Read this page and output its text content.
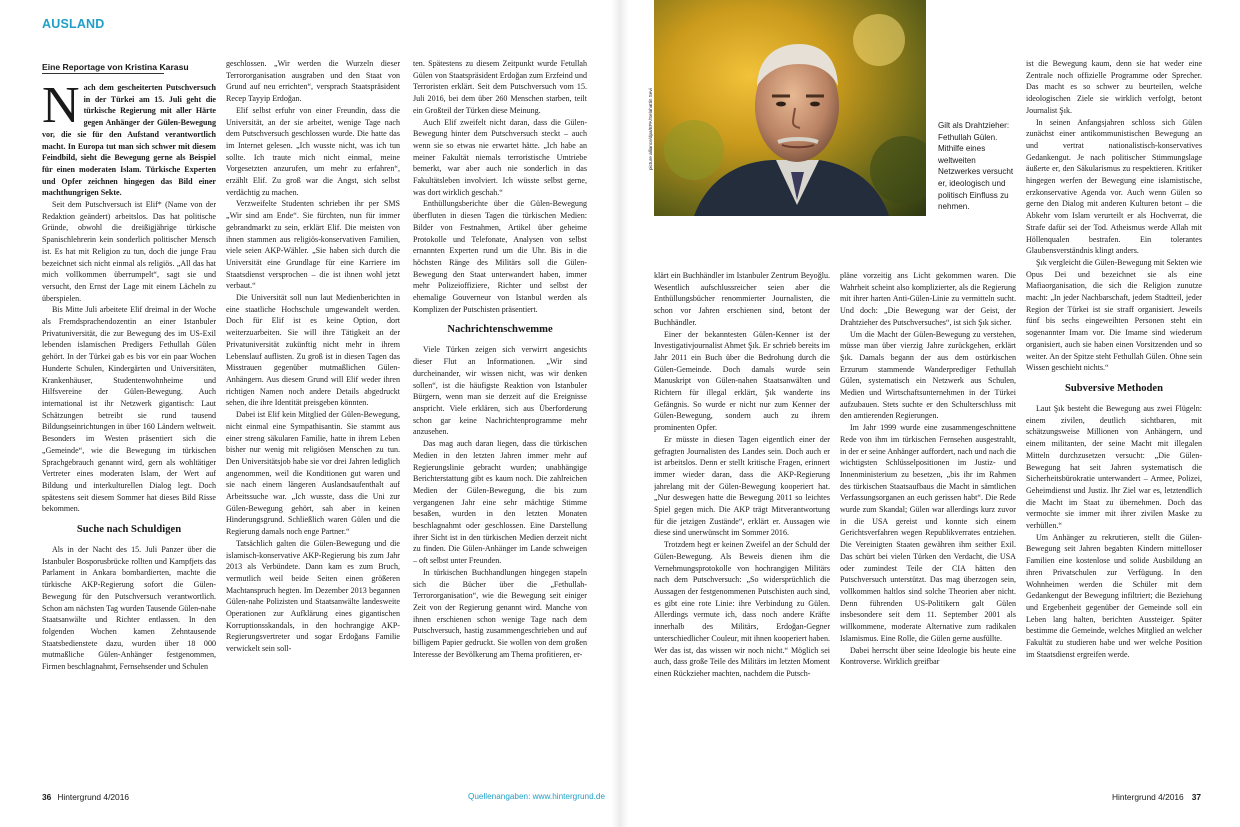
AUSLAND
Eine Reportage von Kristina Karasu

Nach dem gescheiterten Putschversuch in der Türkei am 15. Juli geht die türkische Regierung mit aller Härte gegen Anhänger der Gülen-Bewegung vor, die sie für den Aufstand verantwortlich macht. In Europa tut man sich schwer mit diesem Feindbild, sieht die Bewegung gerne als Beispiel für einen moderaten Islam. Türkische Experten und Opfer zeichnen hingegen das Bild einer machthungrigen Sekte.

Seit dem Putschversuch ist Elif* (Name von der Redaktion geändert) arbeitslos. Das hat politische Gründe, obwohl die dreißigjährige türkische Spanischlehrerin kein sonderlich politischer Mensch ist. Es hat mit Religion zu tun, doch die junge Frau bezeichnet sich nicht einmal als religiös. „All das hat mich vollkommen überrumpelt“, sagt sie und versucht, den Ernst der Lage mit einem Lächeln zu überspielen.

Bis Mitte Juli arbeitete Elif dreimal in der Woche als Fremdsprachendozentin an einer Istanbuler Privatuniversität, die zur Bewegung des im US-Exil lebenden islamischen Predigers Fethullah Gülen gehört. In der Türkei gab es bis vor ein paar Wochen Hunderte Schulen, Kindergärten und Universitäten, Krankenhäuser, Studentenwohnheime und Hilfsvereine der Gülen-Bewegung. Auch international ist ihr Netzwerk gigantisch: Laut Schätzungen betreibt sie rund tausend Bildungseinrichtungen in über 160 Ländern weltweit. Besonders im Westen präsentiert sich die „Gemeinde“, wie die Bewegung im türkischen Sprachgebrauch genannt wird, gern als wohltätiger Vertreter eines moderaten Islam, der Wert auf Bildung und interkulturellen Dialog legt. Doch spätestens seit diesem Sommer hat dieses Bild Risse bekommen.

Suche nach Schuldigen

Als in der Nacht des 15. Juli Panzer über die Istanbuler Bosporusbrücke rollten und Kampfjets das Parlament in Ankara bombardierten, machte die türkische AKP-Regierung sofort die Gülen-Bewegung für den Putschversuch verantwortlich. Schon am nächsten Tag wurden Tausende Gülen-nahe Staatsanwälte und Richter entlassen. In den folgenden Wochen kamen Zehntausende Staatsbedienstete dazu, wurden über 18 000 mutmaßliche Gülen-Anhänger festgenommen, Firmen beschlagnahmt, Fernsehsender und Schulen

geschlossen. „Wir werden die Wurzeln dieser Terrororganisation ausgraben und den Staat von Grund auf neu errichten“, versprach Staatspräsident Recep Tayyip Erdoğan.

Elif selbst erfuhr von einer Freundin, dass die Universität, an der sie arbeitet, wenige Tage nach dem Putschversuch geschlossen wurde. Die hatte das im Internet gelesen. „Ich wusste nicht, was ich tun sollte. Ich traute mich nicht einmal, meine Vorgesetzten anzurufen, um mehr zu erfahren“, erzählt Elif. Zu groß war die Angst, sich selbst verdächtig zu machen.

Verzweifelte Studenten schrieben ihr per SMS „Wir sind am Ende“. Sie fürchten, nun für immer gebrandmarkt zu sein, erklärt Elif. Die meisten von ihnen stammen aus religiös-konservativen Familien, viele seien AKP-Wähler. „Sie haben sich durch die Universität eine Grundlage für eine Karriere im Staatsdienst versprochen – die ist ihnen wohl jetzt verbaut.“

Die Universität soll nun laut Medienberichten in eine staatliche Hochschule umgewandelt werden. Doch für Elif ist es keine Option, dort weiterzuarbeiten. Sie will ihre Tätigkeit an der Privatuniversität zukünftig nicht mehr in ihrem Lebenslauf auflisten. Zu groß ist in diesen Tagen das Misstrauen gegenüber mutmaßlichen Gülen-Anhängern. Aus diesem Grund will Elif weder ihren richtigen Namen noch andere Details abgedruckt sehen, die ihre Identität preisgeben könnten.

Dabei ist Elif kein Mitglied der Gülen-Bewegung, nicht einmal eine Sympathisantin. Sie stammt aus einer streng säkularen Familie, hatte in ihrem Leben bisher nur wenig mit religiösen Menschen zu tun. Den Universitätsjob habe sie vor drei Jahren lediglich angenommen, weil die Konditionen gut waren und sie nach einem längeren Auslandsaufenthalt auf Arbeitssuche war. „Ich wusste, dass die Uni zur Gülen-Bewegung gehört, sah aber in keinen Hinderungsgrund. Schließlich waren Gülen und die Regierung damals noch enge Partner.“

Tatsächlich galten die Gülen-Bewegung und die islamisch-konservative AKP-Regierung bis zum Jahr 2013 als Verbündete. Dann kam es zum Bruch, vermutlich weil beide Seiten einen größeren Machtanspruch hegten. Im Dezember 2013 begannen Gülen-nahe Polizisten und Staatsanwälte landesweite Operationen zur Aufklärung eines gigantischen Korruptionsskandals, in den hochrangige AKP-Regierungsvertreter und sogar Erdoğans Familie verwickelt sein soll-

ten. Spätestens zu diesem Zeitpunkt wurde Fetullah Gülen von Staatspräsident Erdoğan zum Erzfeind und Terroristen erklärt. Seit dem Putschversuch vom 15. Juli 2016, bei dem über 260 Menschen starben, teilt ein Großteil der Türken diese Meinung.

Auch Elif zweifelt nicht daran, dass die Gülen-Bewegung hinter dem Putschversuch steckt – auch wenn sie so etwas nie erwartet hätte. „Ich habe an meiner Fakultät niemals terroristische Umtriebe bemerkt, war aber auch nie sonderlich in das Fakultätsleben involviert. Ich wüsste selbst gerne, was dort wirklich geschah.“

Enthüllungsberichte über die Gülen-Bewegung überfluten in diesen Tagen die türkischen Medien: Bilder von Festnahmen, Artikel über geheime Protokolle und Telefonate, Analysen von selbst ernannten Experten rund um die Uhr. Bis in die höchsten Ränge des Militärs soll die Gülen-Bewegung den Staat unterwandert haben, immer mehr Polizeioffiziere, Richter und selbst der ehemalige Gouverneur von Istanbul werden als Komplizen der Putschisten präsentiert.

Nachrichtenschwemme

Viele Türken zeigen sich verwirrt angesichts dieser Flut an Informationen. „Wir sind durcheinander, wir wissen nicht, was wir denken sollen“, ist die häufigste Reaktion von Istanbuler Bürgern, wenn man sie derzeit auf die Ereignisse anspricht. Viele erklären, sich aus Überforderung schon gar keine Nachrichtenprogramme mehr anzusehen.

Das mag auch daran liegen, dass die türkischen Medien in den letzten Jahren immer mehr auf Regierungslinie gebracht wurden; unabhängige Berichterstattung gibt es kaum noch. Die zahlreichen Medien der Gülen-Bewegung, die bis zum vergangenen Jahr eine sehr mächtige Stimme besaßen, wurden in den letzten Monaten beschlagnahmt oder geschlossen. Eine Darstellung ihrer Sicht ist in den türkischen Medien derzeit nicht zu finden. Die Gülen-Anhänger im Lande schweigen – oft selbst unter Freunden.

In türkischen Buchhandlungen hingegen stapeln sich die Bücher über die „Fethullah-Terrororganisation“, wie die Bewegung seit einiger Zeit von der Regierung genannt wird. Manche von ihnen erschienen schon wenige Tage nach dem Putschversuch, hastig zusammengeschrieben und auf billigem Papier gedruckt. Sie wollen von dem großen Interesse der Bevölkerung am Thema profitieren, er-

36 Hintergrund 4/2016	Quellenangaben: www.hintergrund.de
picture alliance/dpa/EPA/Selahattin Sevi	Gilt als Drahtzieher: Fethullah Gülen. Mithilfe eines weltweiten Netzwerkes versucht er, ideologisch und politisch Einfluss zu nehmen.

klärt ein Buchhändler im Istanbuler Zentrum Beyoğlu. Wesentlich aufschlussreicher seien aber die Enthüllungsbücher renommierter Journalisten, die schon vor Jahren erschienen sind, betont der Buchhändler.

Einer der bekanntesten Gülen-Kenner ist der Investigativjournalist Ahmet Şık. Er schrieb bereits im Jahr 2011 ein Buch über die Bedrohung durch die Gülen-Gemeinde. Doch damals wurde sein Manuskript von Gülen-nahen Staatsanwälten und Richtern für illegal erklärt, Şık wanderte ins Gefängnis. So wurde er nicht nur zum Kenner der Gülen-Bewegung, sondern auch zu ihrem prominenten Opfer.

Er müsste in diesen Tagen eigentlich einer der gefragten Journalisten des Landes sein. Doch auch er ist arbeitslos. Denn er stellt kritische Fragen, erinnert immer wieder daran, dass die AKP-Regierung jahrelang mit der Gülen-Bewegung kooperiert hat. „Nur deswegen hatte die Bewegung 2011 so leichtes Spiel gegen mich. Die AKP trägt Mitverantwortung für die jetzigen Zustände“, erklärt er. Aussagen wie diese sind unerwünscht im Sommer 2016.

Trotzdem hegt er keinen Zweifel an der Schuld der Gülen-Bewegung. Als Beweis dienen ihm die Vernehmungsprotokolle von hochrangigen Militärs nach dem Putschversuch: „So widersprüchlich die Aussagen der festgenommenen Putschisten auch sind, es gibt eine rote Linie: ihre Verbindung zu Gülen. Allerdings vermute ich, dass noch andere Kräfte innerhalb des Militärs, Erdoğan-Gegner unterschiedlicher Couleur, mit ihnen kooperiert haben. Wer das ist, das wissen wir noch nicht.“ Möglich sei auch, dass große Teile des Militärs im letzten Moment einen Rückzieher machten, nachdem die Putsch-

pläne vorzeitig ans Licht gekommen waren. Die Wahrheit scheint also komplizierter, als die Regierung mit ihrer harten Anti-Gülen-Linie zu vermitteln sucht. Und doch: „Die Bewegung war der Geist, der Drahtzieher des Putschversuches“, ist sich Şık sicher.

Um die Macht der Gülen-Bewegung zu verstehen, müsse man über vierzig Jahre zurückgehen, erklärt Şık. Damals begann der aus dem ostürkischen Erzurum stammende Wanderprediger Fethullah Gülen, systematisch ein Netzwerk aus Schulen, Medien und Wirtschaftsunternehmen in der Türkei aufzubauen. Stets suchte er den Schulterschluss mit den amtierenden Regierungen.

Im Jahr 1999 wurde eine zusammengeschnittene Rede von ihm im türkischen Fernsehen ausgestrahlt, in der er seine Anhänger auffordert, nach und nach die wichtigsten Schlüsselpositionen im Justiz- und Innenministerium zu besetzen, „bis ihr im Rahmen des türkischen Staatsaufbaus die Macht in sämtlichen Verfassungsorganen an euch gerissen habt“. Die Rede wurde zum Skandal; Gülen war allerdings kurz zuvor in die USA gereist und konnte sich einem Gerichtsverfahren wegen Republikverrates entziehen. Die Vereinigten Staaten gewähren ihm seither Exil. Das schürt bei vielen Türken den Verdacht, die USA oder zumindest Teile der CIA hätten den Putschversuch unterstützt. Das mag überzogen sein, vollkommen haltlos sind solche Theorien aber nicht. Denn führenden US-Politikern galt Gülen insbesondere seit dem 11. September 2001 als willkommene, moderate Alternative zum radikalen Islamismus. Eine Rolle, die Gülen gerne ausfüllte.

Dabei herrscht über seine Ideologie bis heute eine Kontroverse. Wirklich greifbar

ist die Bewegung kaum, denn sie hat weder eine Zentrale noch offizielle Programme oder Sprecher. Das macht es so schwer zu beurteilen, welche ideologischen Ziele sie wirklich verfolgt, betont Journalist Şık.

In seinen Anfangsjahren schloss sich Gülen zunächst einer antikommunistischen Bewegung an und vertrat nationalistisch-konservatives Gedankengut. Je nach politischer Stimmungslage äußerte er, den Säkularismus zu respektieren. Kritiker hingegen werfen der Bewegung eine islamistische, erzkonservative Agenda vor. Auch wenn Gülen so gerne den Dialog mit anderen Kulturen betont – die Abkehr vom Islam verurteilt er als Hochverrat, die Strafe dafür sei der Tod. Atheismus werde Allah mit Höllenqualen bestrafen. Ein tolerantes Glaubensverständnis klingt anders.

Şık vergleicht die Gülen-Bewegung mit Sekten wie Opus Dei und bezeichnet sie als eine Mafiaorganisation, die sich die Religion zunutze macht: „In jeder Nachbarschaft, jedem Stadtteil, jeder Region der Türkei ist sie straff organisiert. Jeweils fünf bis sechs eingeweihten Personen steht ein sogenannter Imam vor. Die Imame sind wiederum organisiert, auch sie haben einen Vorsitzenden und so weiter. An der Spitze steht Fethullah Gülen. Ohne sein Wissen geschieht nichts.“

Subversive Methoden

Laut Şık besteht die Bewegung aus zwei Flügeln: einem zivilen, deutlich sichtbaren, mit schätzungsweise Millionen von Anhängern, und einem militanten, der seine Macht mit illegalen Mitteln durchzusetzen versucht: „Die Gülen-Bewegung hat seit Jahren systematisch die Sicherheitsbürokratie unterwandert – Armee, Polizei, Geheimdienst und Justiz. Ihr Ziel war es, letztendlich die Macht im Staat zu übernehmen. Doch das vermochte sie immer mit ihrer zivilen Maske zu verhüllen.“

Um Anhänger zu rekrutieren, stellt die Gülen-Bewegung seit Jahren begabten Kindern mittelloser Familien eine kostenlose und solide Ausbildung an ihren Privatschulen zur Verfügung. In den Wohnheimen werden die Schüler mit dem Gedankengut der Bewegung infiltriert; die Beziehung und Ergebenheit gegenüber der Gemeinde soll ein Leben lang halten, berichten Aussteiger. Später bestimme die Gemeinde, welches Mitglied an welcher Fakultät zu studieren habe und wer welche Position im Staatsdienst ergreifen werde.

Hintergrund 4/2016 37
